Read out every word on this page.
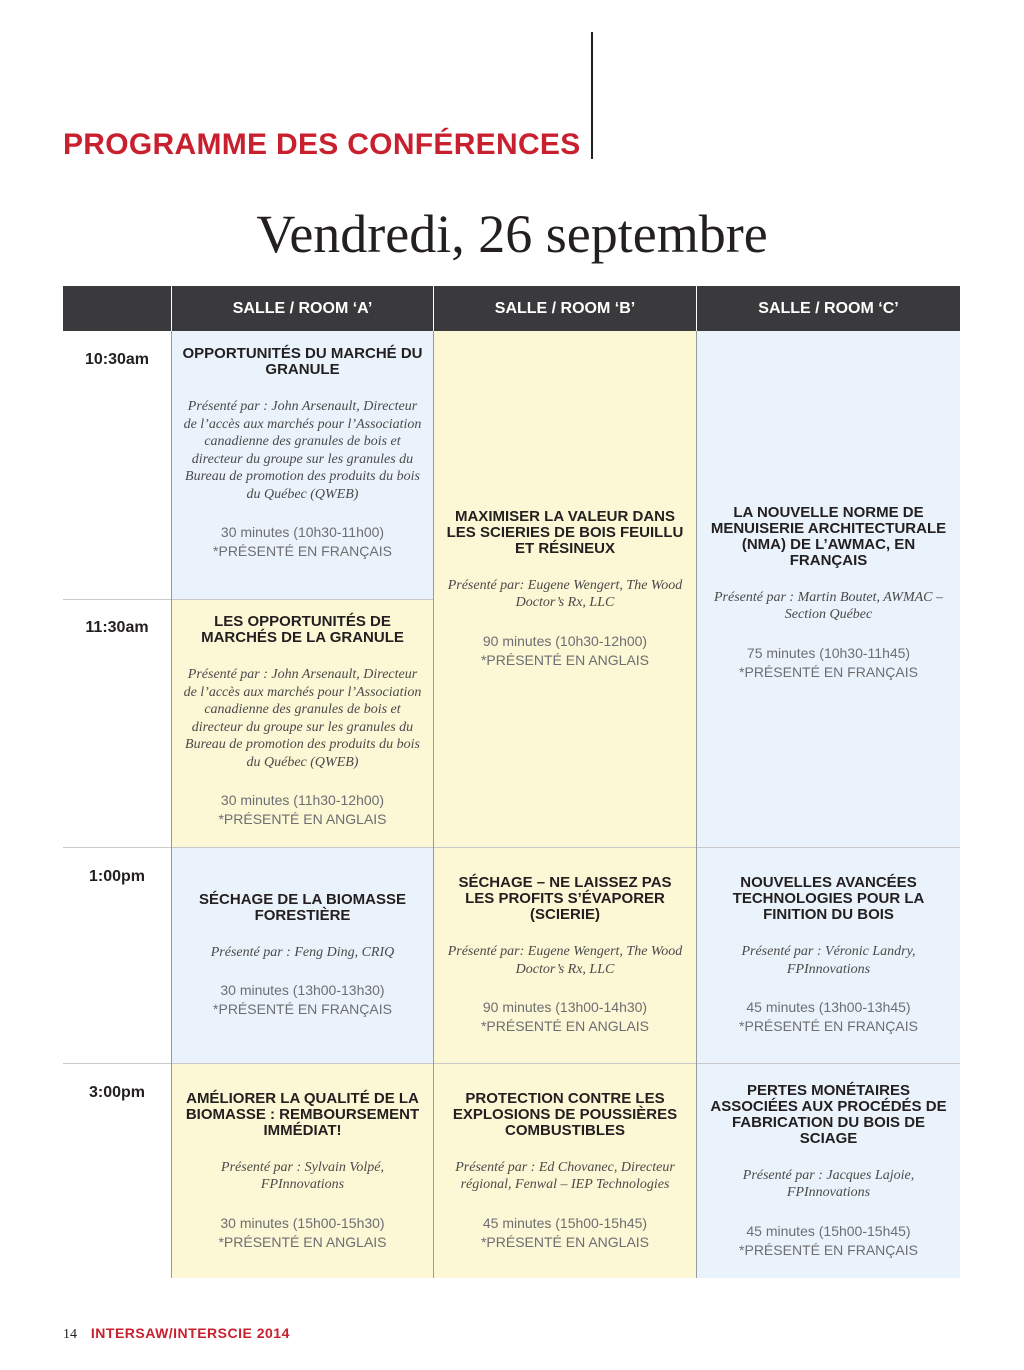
PROGRAMME DES CONFÉRENCES
Vendredi, 26 septembre
SALLE / ROOM ‘A’	SALLE / ROOM ‘B’	SALLE / ROOM ‘C’
10:30am
11:30am
1:00pm
3:00pm
OPPORTUNITÉS DU MARCHÉ DU GRANULE
Présenté par : John Arsenault, Directeur de l’accès aux marchés pour l’Association canadienne des granules de bois et directeur du groupe sur les granules du Bureau de promotion des produits du bois du Québec (QWEB)
30 minutes (10h30-11h00)
*PRÉSENTÉ EN FRANÇAIS
LES OPPORTUNITÉS DE MARCHÉS DE LA GRANULE
Présenté par : John Arsenault, Directeur de l’accès aux marchés pour l’Association canadienne des granules de bois et directeur du groupe sur les granules du Bureau de promotion des produits du bois du Québec (QWEB)
30 minutes (11h30-12h00)
*PRÉSENTÉ EN ANGLAIS
MAXIMISER LA VALEUR DANS LES SCIERIES DE BOIS FEUILLU ET RÉSINEUX
Présenté par: Eugene Wengert, The Wood Doctor’s Rx, LLC
90 minutes (10h30-12h00)
*PRÉSENTÉ EN ANGLAIS
LA NOUVELLE NORME DE MENUISERIE ARCHITECTURALE (NMA) DE L’AWMAC, EN FRANÇAIS
Présenté par : Martin Boutet, AWMAC – Section Québec
75 minutes (10h30-11h45)
*PRÉSENTÉ EN FRANÇAIS
SÉCHAGE DE LA BIOMASSE FORESTIÈRE
Présenté par : Feng Ding, CRIQ
30 minutes (13h00-13h30)
*PRÉSENTÉ EN FRANÇAIS
SÉCHAGE – NE LAISSEZ PAS LES PROFITS S’ÉVAPORER (SCIERIE)
Présenté par: Eugene Wengert, The Wood Doctor’s Rx, LLC
90 minutes (13h00-14h30)
*PRÉSENTÉ EN ANGLAIS
NOUVELLES AVANCÉES TECHNOLOGIES POUR LA FINITION DU BOIS
Présenté par : Véronic Landry, FPInnovations
45 minutes (13h00-13h45)
*PRÉSENTÉ EN FRANÇAIS
AMÉLIORER LA QUALITÉ DE LA BIOMASSE : REMBOURSEMENT IMMÉDIAT!
Présenté par : Sylvain Volpé, FPInnovations
30 minutes (15h00-15h30)
*PRÉSENTÉ EN ANGLAIS
PROTECTION CONTRE LES EXPLOSIONS DE POUSSIÈRES COMBUSTIBLES
Présenté par : Ed Chovanec, Directeur régional, Fenwal – IEP Technologies
45 minutes (15h00-15h45)
*PRÉSENTÉ EN ANGLAIS
PERTES MONÉTAIRES ASSOCIÉES AUX PROCÉDÉS DE FABRICATION DU BOIS DE SCIAGE
Présenté par : Jacques Lajoie, FPInnovations
45 minutes (15h00-15h45)
*PRÉSENTÉ EN FRANÇAIS
14 INTERSAW/INTERSCIE 2014
